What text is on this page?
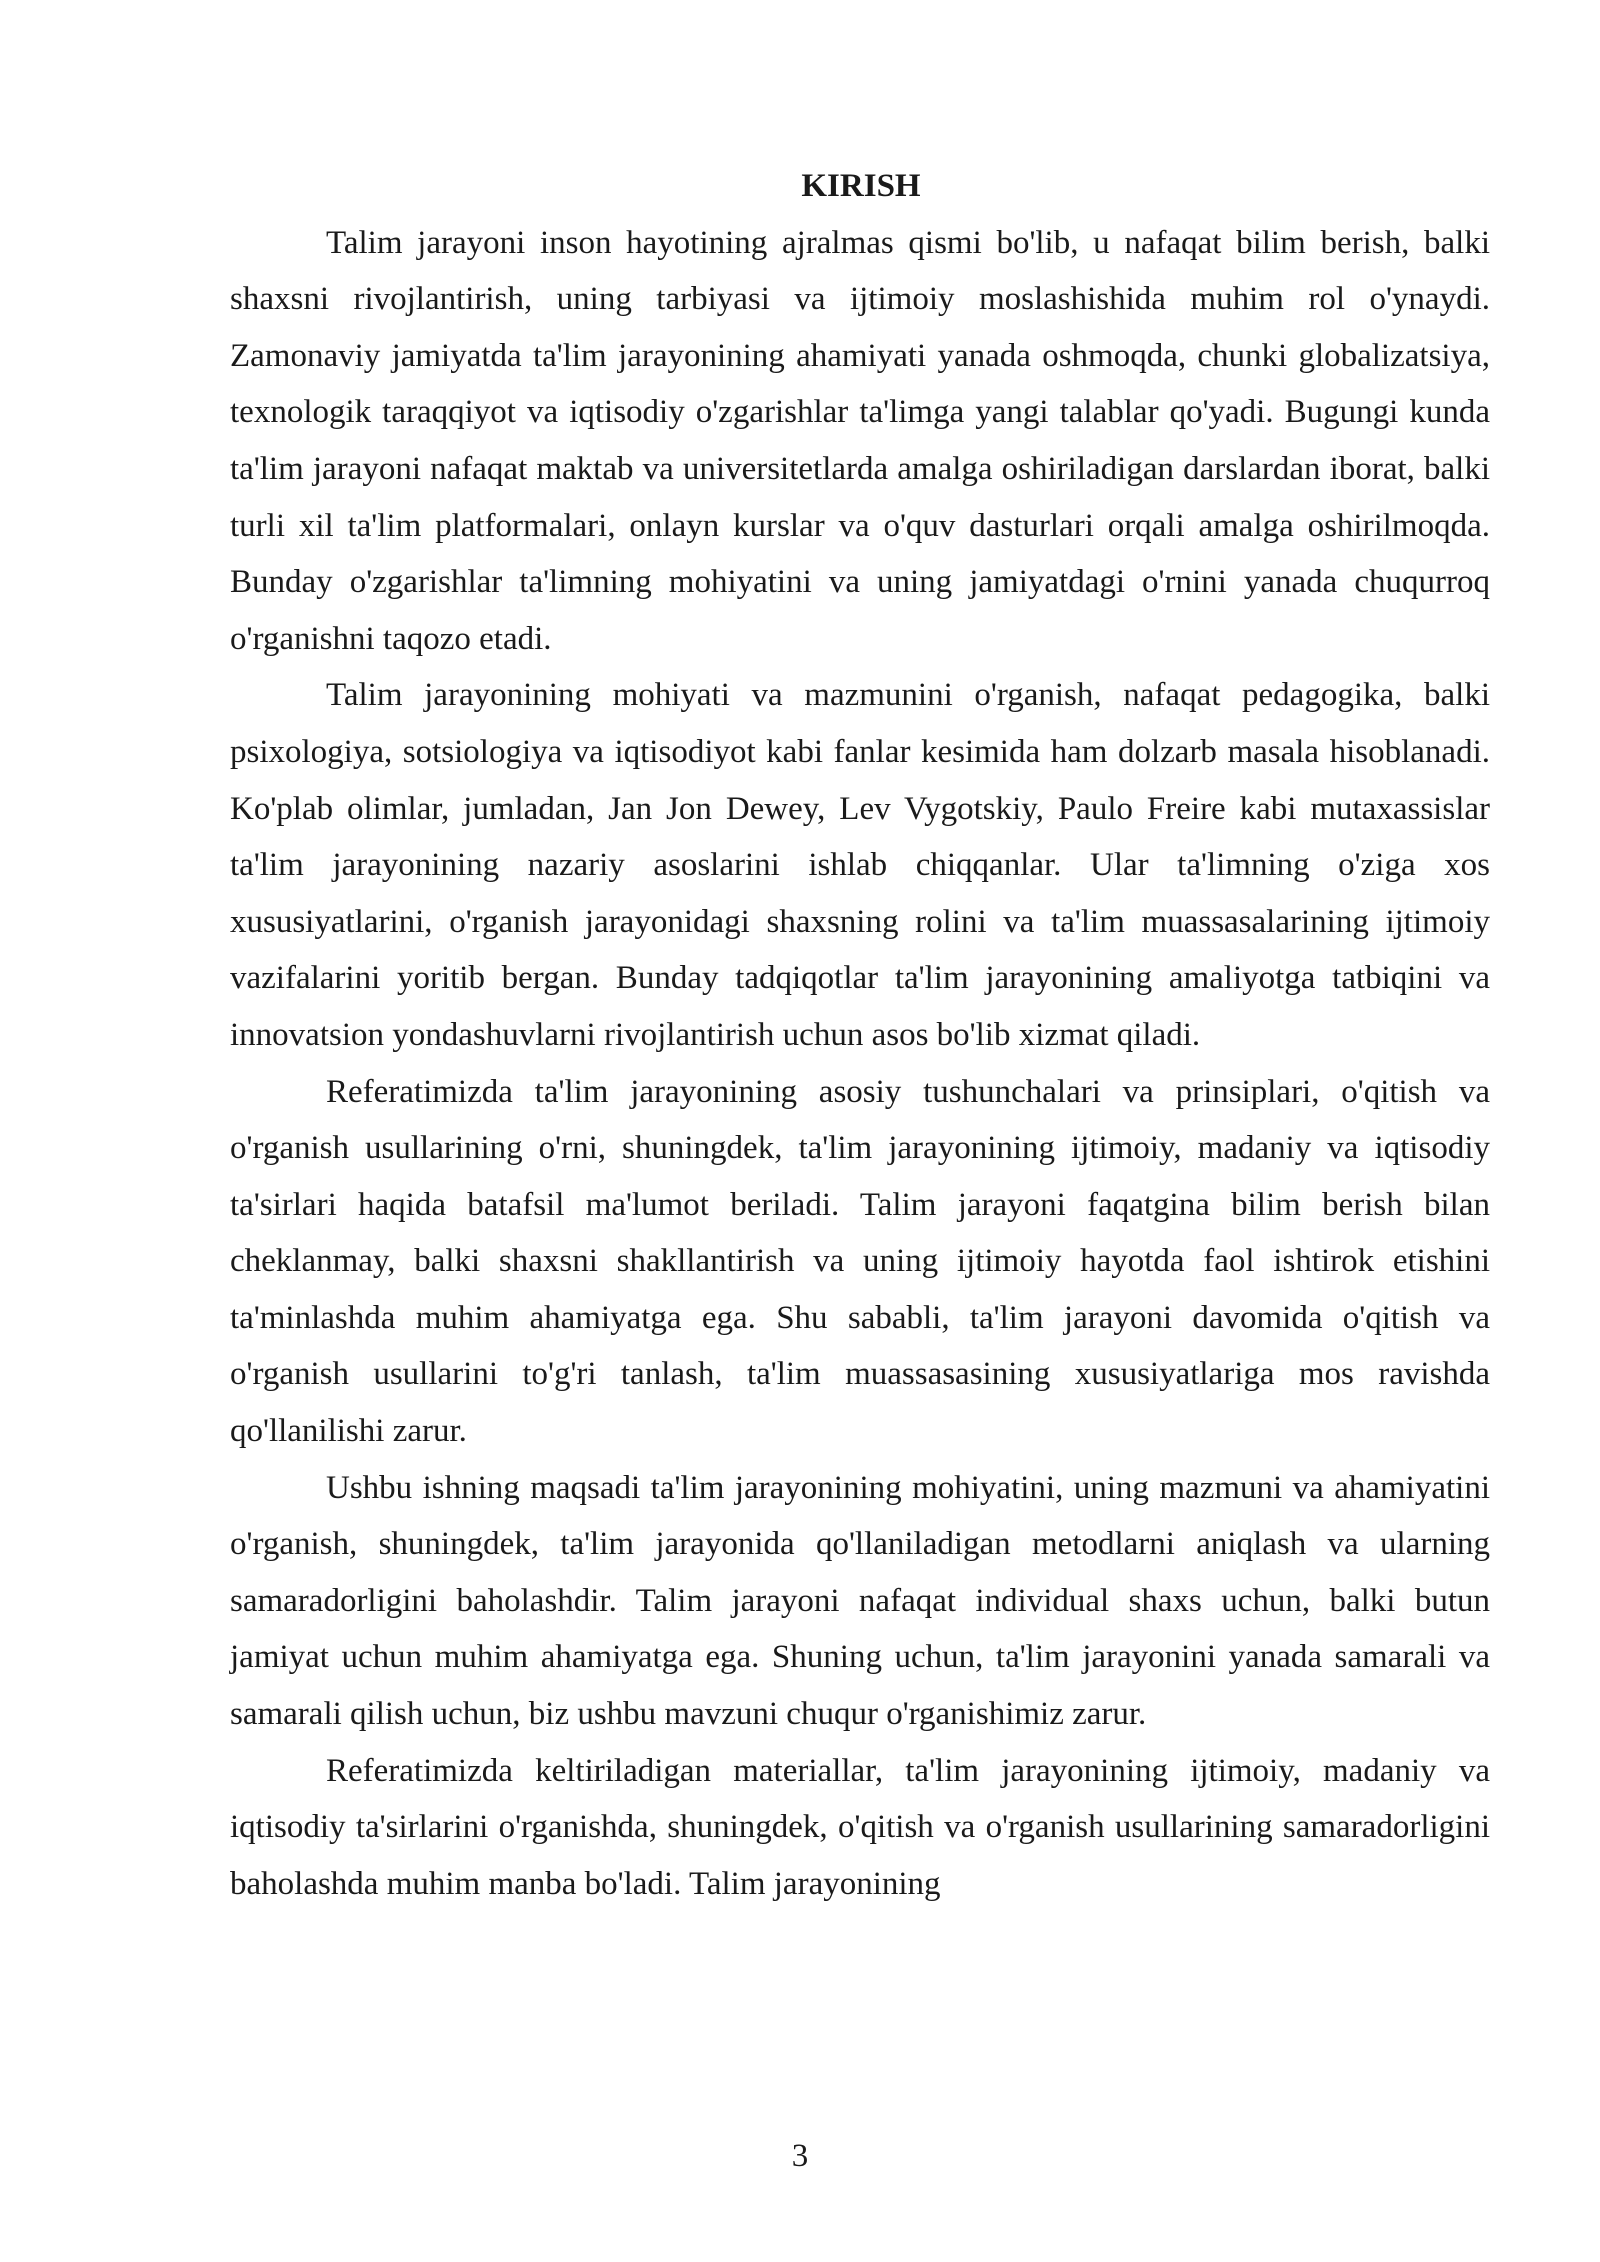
KIRISH

Talim jarayoni inson hayotining ajralmas qismi bo'lib, u nafaqat bilim berish, balki shaxsni rivojlantirish, uning tarbiyasi va ijtimoiy moslashishida muhim rol o'ynaydi. Zamonaviy jamiyatda ta'lim jarayonining ahamiyati yanada oshmoqda, chunki globalizatsiya, texnologik taraqqiyot va iqtisodiy o'zgarishlar ta'limga yangi talablar qo'yadi. Bugungi kunda ta'lim jarayoni nafaqat maktab va universitetlarda amalga oshiriladigan darslardan iborat, balki turli xil ta'lim platformalari, onlayn kurslar va o'quv dasturlari orqali amalga oshirilmoqda. Bunday o'zgarishlar ta'limning mohiyatini va uning jamiyatdagi o'rnini yanada chuqurroq o'rganishni taqozo etadi.

Talim jarayonining mohiyati va mazmunini o'rganish, nafaqat pedagogika, balki psixologiya, sotsiologiya va iqtisodiyot kabi fanlar kesimida ham dolzarb masala hisoblanadi. Ko'plab olimlar, jumladan, Jan Jon Dewey, Lev Vygotskiy, Paulo Freire kabi mutaxassislar ta'lim jarayonining nazariy asoslarini ishlab chiqqanlar. Ular ta'limning o'ziga xos xususiyatlarini, o'rganish jarayonidagi shaxsning rolini va ta'lim muassasalarining ijtimoiy vazifalarini yoritib bergan. Bunday tadqiqotlar ta'lim jarayonining amaliyotga tatbiqini va innovatsion yondashuvlarni rivojlantirish uchun asos bo'lib xizmat qiladi.

Referatimizda ta'lim jarayonining asosiy tushunchalari va prinsiplari, o'qitish va o'rganish usullarining o'rni, shuningdek, ta'lim jarayonining ijtimoiy, madaniy va iqtisodiy ta'sirlari haqida batafsil ma'lumot beriladi. Talim jarayoni faqatgina bilim berish bilan cheklanmay, balki shaxsni shakllantirish va uning ijtimoiy hayotda faol ishtirok etishini ta'minlashda muhim ahamiyatga ega. Shu sababli, ta'lim jarayoni davomida o'qitish va o'rganish usullarini to'g'ri tanlash, ta'lim muassasasining xususiyatlariga mos ravishda qo'llanilishi zarur.

Ushbu ishning maqsadi ta'lim jarayonining mohiyatini, uning mazmuni va ahamiyatini o'rganish, shuningdek, ta'lim jarayonida qo'llaniladigan metodlarni aniqlash va ularning samaradorligini baholashdir. Talim jarayoni nafaqat individual shaxs uchun, balki butun jamiyat uchun muhim ahamiyatga ega. Shuning uchun, ta'lim jarayonini yanada samarali va samarali qilish uchun, biz ushbu mavzuni chuqur o'rganishimiz zarur.

Referatimizda keltiriladigan materiallar, ta'lim jarayonining ijtimoiy, madaniy va iqtisodiy ta'sirlarini o'rganishda, shuningdek, o'qitish va o'rganish usullarining samaradorligini baholashda muhim manba bo'ladi. Talim jarayonining

3
